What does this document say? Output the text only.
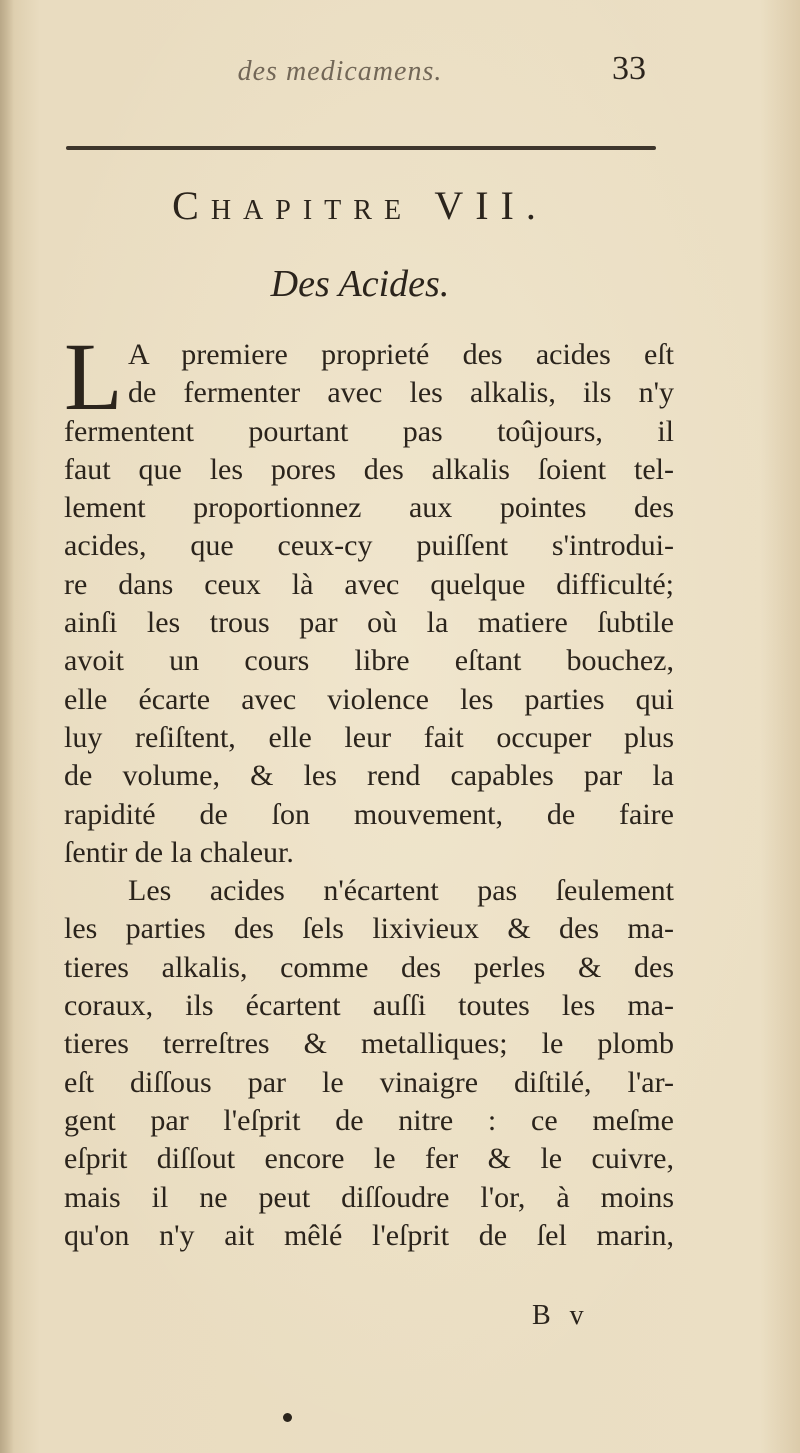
des medicamens.	33
Chapitre VII.
Des Acides.
L A premiere proprieté des acides eſt
de fermenter avec les alkalis, ils n'y
fermentent pourtant pas toûjours, il
faut que les pores des alkalis ſoient tel-
lement proportionnez aux pointes des
acides, que ceux-cy puiſſent s'introdui-
re dans ceux là avec quelque difficulté;
ainſi les trous par où la matiere ſubtile
avoit un cours libre eſtant bouchez,
elle écarte avec violence les parties qui
luy reſiſtent, elle leur fait occuper plus
de volume, & les rend capables par la
rapidité de ſon mouvement, de faire
ſentir de la chaleur.
Les acides n'écartent pas ſeulement
les parties des ſels lixivieux & des ma-
tieres alkalis, comme des perles & des
coraux, ils écartent auſſi toutes les ma-
tieres terreſtres & metalliques; le plomb
eſt diſſous par le vinaigre diſtilé, l'ar-
gent par l'eſprit de nitre : ce meſme
eſprit diſſout encore le fer & le cuivre,
mais il ne peut diſſoudre l'or, à moins
qu'on n'y ait mêlé l'eſprit de ſel marin,
B v
